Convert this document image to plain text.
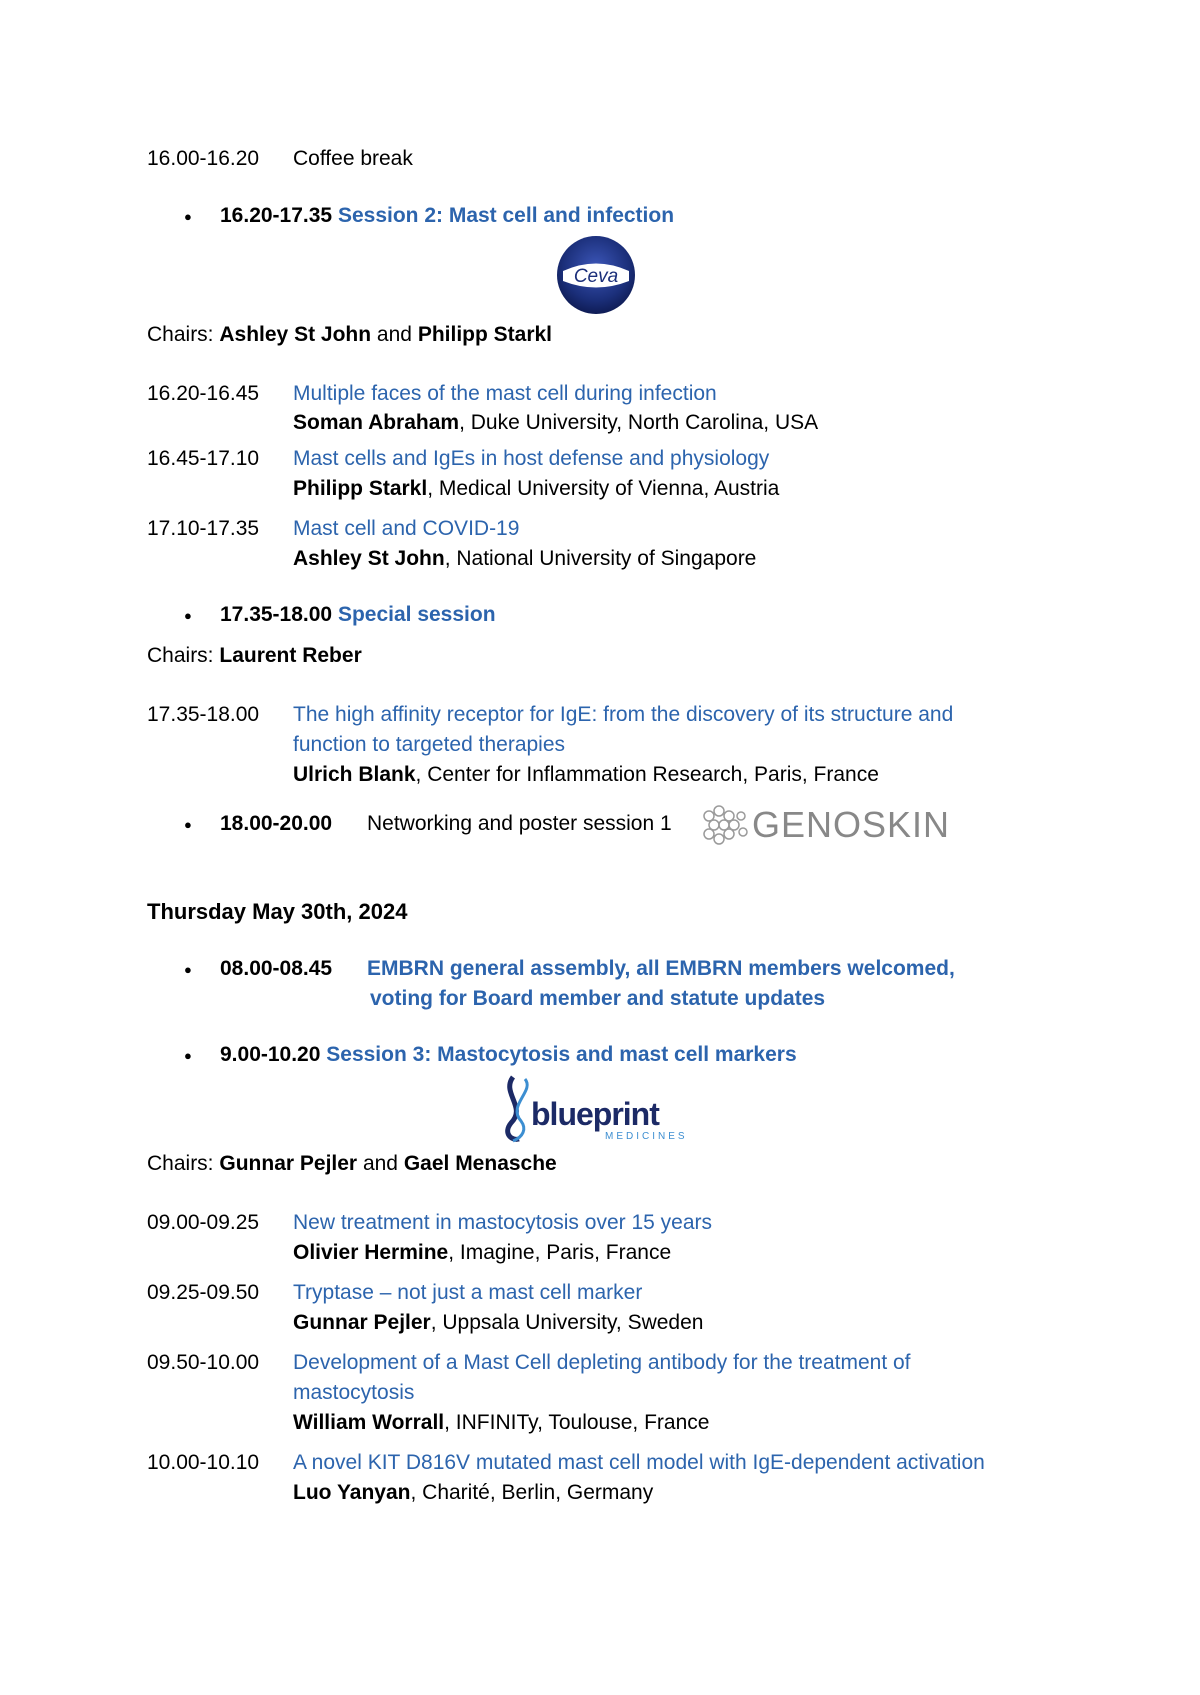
16.00-16.20 Coffee break
● 16.20-17.35 Session 2: Mast cell and infection
Ceva
Chairs: Ashley St John and Philipp Starkl
16.20-16.45 Multiple faces of the mast cell during infection
Soman Abraham, Duke University, North Carolina, USA
16.45-17.10 Mast cells and IgEs in host defense and physiology
Philipp Starkl, Medical University of Vienna, Austria
17.10-17.35 Mast cell and COVID-19
Ashley St John, National University of Singapore
● 17.35-18.00 Special session
Chairs: Laurent Reber
17.35-18.00 The high affinity receptor for IgE: from the discovery of its structure and
function to targeted therapies
Ulrich Blank, Center for Inflammation Research, Paris, France
● 18.00-20.00 Networking and poster session 1 GENOSKIN
Thursday May 30th, 2024
● 08.00-08.45 EMBRN general assembly, all EMBRN members welcomed,
voting for Board member and statute updates
● 9.00-10.20 Session 3: Mastocytosis and mast cell markers
blueprint
MEDICINES
Chairs: Gunnar Pejler and Gael Menasche
09.00-09.25 New treatment in mastocytosis over 15 years
Olivier Hermine, Imagine, Paris, France
09.25-09.50 Tryptase – not just a mast cell marker
Gunnar Pejler, Uppsala University, Sweden
09.50-10.00 Development of a Mast Cell depleting antibody for the treatment of
mastocytosis
William Worrall, INFINITy, Toulouse, France
10.00-10.10 A novel KIT D816V mutated mast cell model with IgE-dependent activation
Luo Yanyan, Charité, Berlin, Germany
